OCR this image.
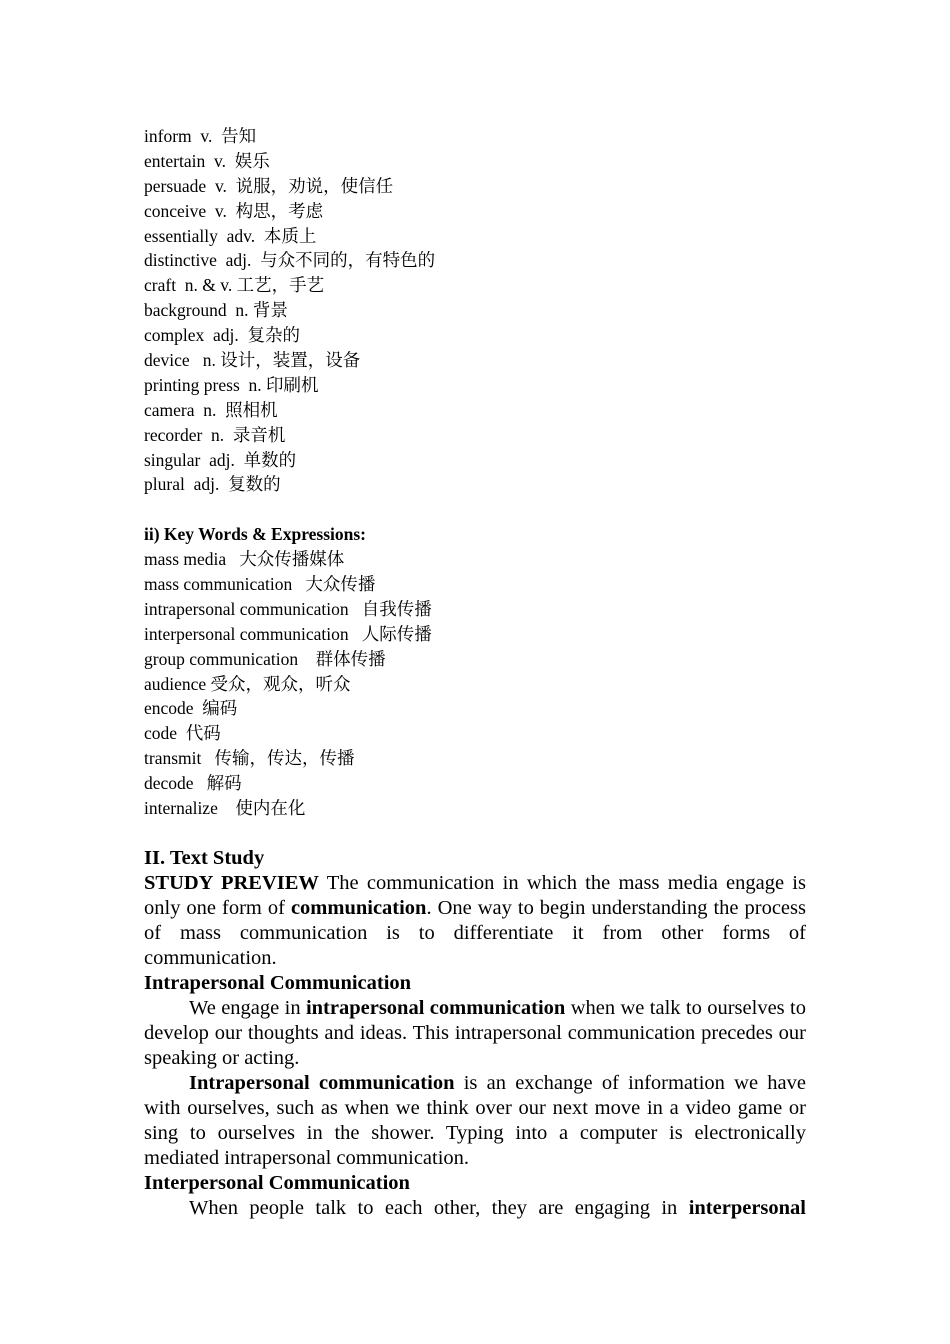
inform  v.  告知
entertain  v.  娱乐
persuade  v.  说服，劝说，使信任
conceive  v.  构思，考虑
essentially  adv.  本质上
distinctive  adj.  与众不同的，有特色的
craft  n. & v. 工艺，手艺
background  n. 背景
complex  adj.  复杂的
device   n. 设计，装置，设备
printing press  n. 印刷机
camera  n.  照相机
recorder  n.  录音机
singular  adj.  单数的
plural  adj.  复数的
ii) Key Words & Expressions:
mass media   大众传播媒体
mass communication   大众传播
intrapersonal communication   自我传播
interpersonal communication   人际传播
group communication    群体传播
audience 受众，观众，听众
encode  编码
code  代码
transmit   传输，传达，传播
decode   解码
internalize    使内在化
II. Text Study
STUDY PREVIEW The communication in which the mass media engage is only one form of communication. One way to begin understanding the process of mass communication is to differentiate it from other forms of communication.
Intrapersonal Communication
We engage in intrapersonal communication when we talk to ourselves to develop our thoughts and ideas. This intrapersonal communication precedes our speaking or acting.
Intrapersonal communication is an exchange of information we have with ourselves, such as when we think over our next move in a video game or sing to ourselves in the shower. Typing into a computer is electronically mediated intrapersonal communication.
Interpersonal Communication
When people talk to each other, they are engaging in interpersonal
